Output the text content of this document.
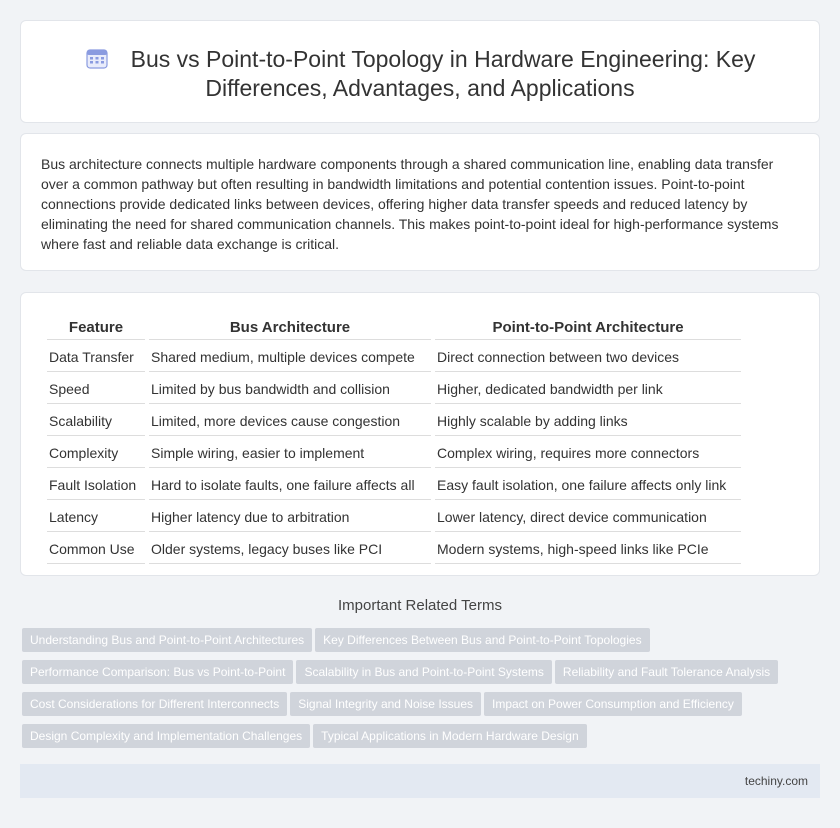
Bus vs Point-to-Point Topology in Hardware Engineering: Key Differences, Advantages, and Applications

Bus architecture connects multiple hardware components through a shared communication line, enabling data transfer over a common pathway but often resulting in bandwidth limitations and potential contention issues. Point-to-point connections provide dedicated links between devices, offering higher data transfer speeds and reduced latency by eliminating the need for shared communication channels. This makes point-to-point ideal for high-performance systems where fast and reliable data exchange is critical.

Feature	Bus Architecture	Point-to-Point Architecture
Data Transfer	Shared medium, multiple devices compete	Direct connection between two devices
Speed	Limited by bus bandwidth and collision	Higher, dedicated bandwidth per link
Scalability	Limited, more devices cause congestion	Highly scalable by adding links
Complexity	Simple wiring, easier to implement	Complex wiring, requires more connectors
Fault Isolation	Hard to isolate faults, one failure affects all	Easy fault isolation, one failure affects only link
Latency	Higher latency due to arbitration	Lower latency, direct device communication
Common Use	Older systems, legacy buses like PCI	Modern systems, high-speed links like PCIe
Important Related Terms
Understanding Bus and Point-to-Point Architectures Key Differences Between Bus and Point-to-Point TopologiesPerformance Comparison: Bus vs Point-to-Point Scalability in Bus and Point-to-Point Systems Reliability and Fault Tolerance AnalysisCost Considerations for Different Interconnects Signal Integrity and Noise Issues Impact on Power Consumption and EfficiencyDesign Complexity and Implementation Challenges Typical Applications in Modern Hardware Design
techiny.com
